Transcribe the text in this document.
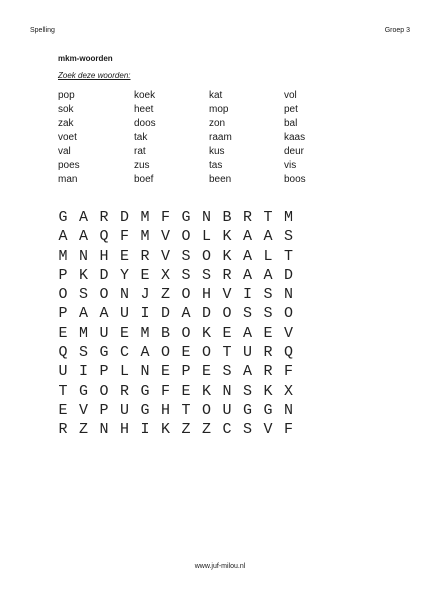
Spelling	Groep 3
mkm-woorden
Zoek deze woorden:
pop	koek	kat	vol
sok	heet	mop	pet
zak	doos	zon	bal
voet	tak	raam	kaas
val	rat	kus	deur
poes	zus	tas	vis
man	boef	been	boos
G A R D M F G N B R T M
A A Q F M V O L K A A S
M N H E R V S O K A L T
P K D Y E X S S R A A D
O S O N J Z O H V I S N
P A A U I D A D O S S O
E M U E M B O K E A E V
Q S G C A O E O T U R Q
U I P L N E P E S A R F
T G O R G F E K N S K X
E V P U G H T O U G G N
R Z N H I K Z Z C S V F
www.juf-milou.nl
